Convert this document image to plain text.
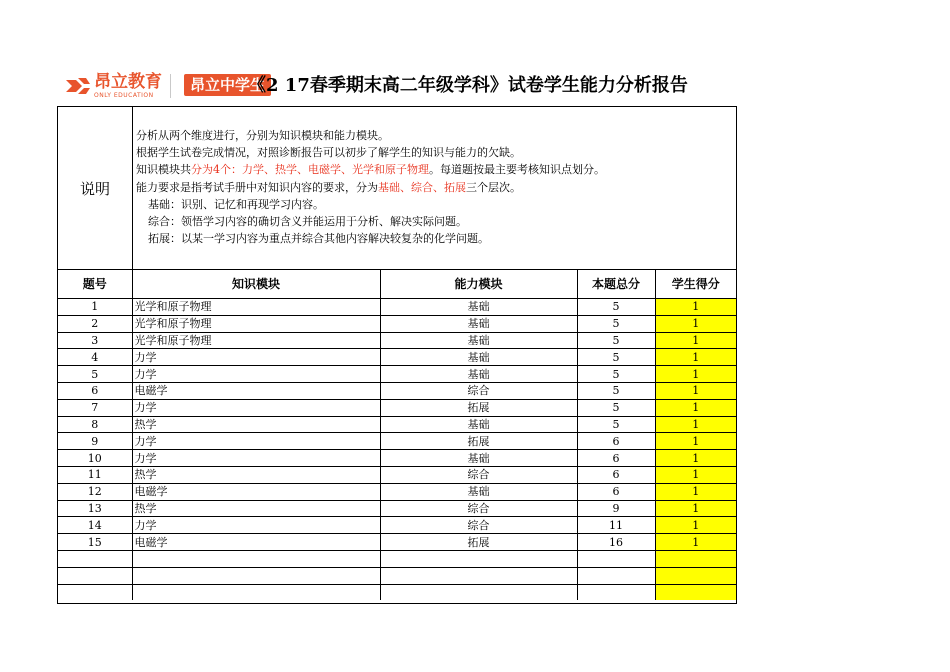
昂立教育
ONLY EDUCATION
昂立中学生
《2 17春季期末高二年级学科》试卷学生能力分析报告
说明
分析从两个维度进行，分别为知识模块和能力模块。
根据学生试卷完成情况，对照诊断报告可以初步了解学生的知识与能力的欠缺。
知识模块共分为4个：力学、热学、电磁学、光学和原子物理。每道题按最主要考核知识点划分。
能力要求是指考试手册中对知识内容的要求，分为基础、综合、拓展三个层次。
基础：识别、记忆和再现学习内容。
综合：领悟学习内容的确切含义并能运用于分析、解决实际问题。
拓展：以某一学习内容为重点并综合其他内容解决较复杂的化学问题。
题号	知识模块	能力模块	本题总分	学生得分
1	光学和原子物理	基础	5	1
2	光学和原子物理	基础	5	1
3	光学和原子物理	基础	5	1
4	力学	基础	5	1
5	力学	基础	5	1
6	电磁学	综合	5	1
7	力学	拓展	5	1
8	热学	基础	5	1
9	力学	拓展	6	1
10	力学	基础	6	1
11	热学	综合	6	1
12	电磁学	基础	6	1
13	热学	综合	9	1
14	力学	综合	11	1
15	电磁学	拓展	16	1
